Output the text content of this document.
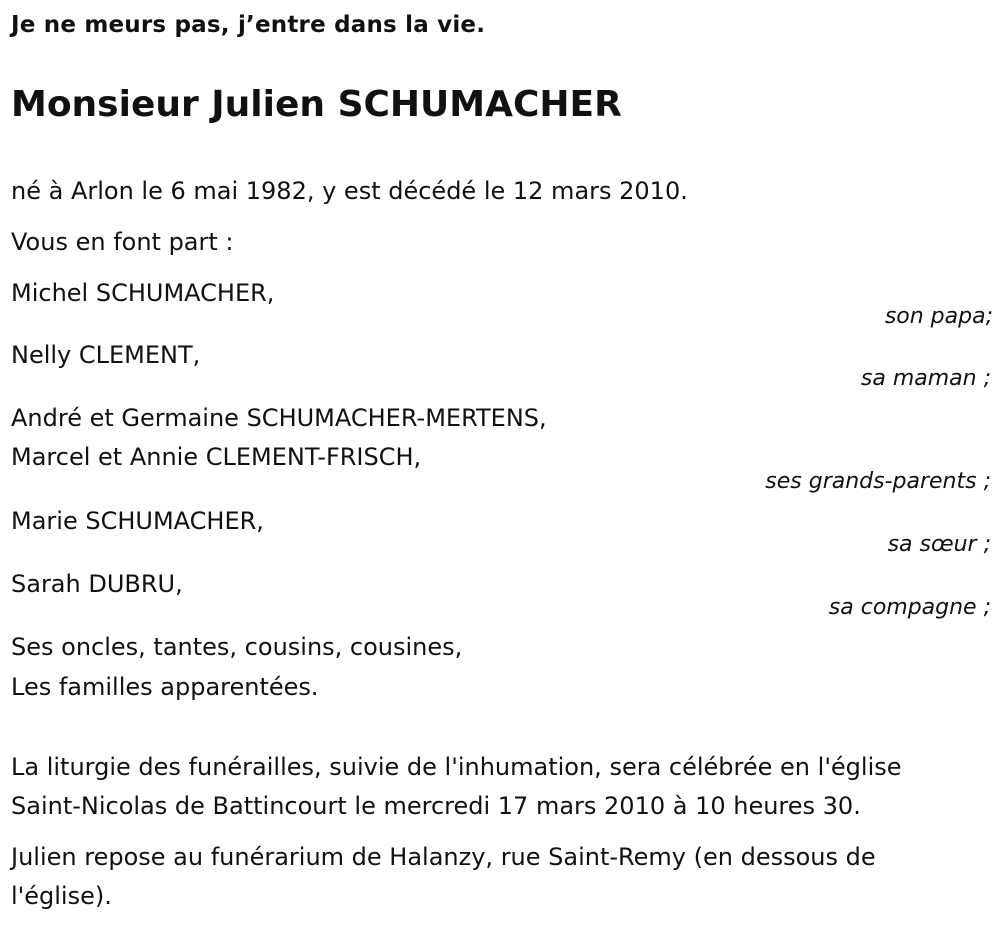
Je ne meurs pas, j’entre dans la vie.
Monsieur Julien SCHUMACHER
né à Arlon le 6 mai 1982, y est décédé le 12 mars 2010.
Vous en font part :
Michel SCHUMACHER,
son papa;
Nelly CLEMENT,
sa maman ;
André et Germaine SCHUMACHER-MERTENS,
Marcel et Annie CLEMENT-FRISCH,
ses grands-parents ;
Marie SCHUMACHER,
sa sœur ;
Sarah DUBRU,
sa compagne ;
Ses oncles, tantes, cousins, cousines,
Les familles apparentées.
La liturgie des funérailles, suivie de l'inhumation, sera célébrée en l'église
Saint-Nicolas de Battincourt le mercredi 17 mars 2010 à 10 heures 30.
Julien repose au funérarium de Halanzy, rue Saint-Remy (en dessous de
l'église).
